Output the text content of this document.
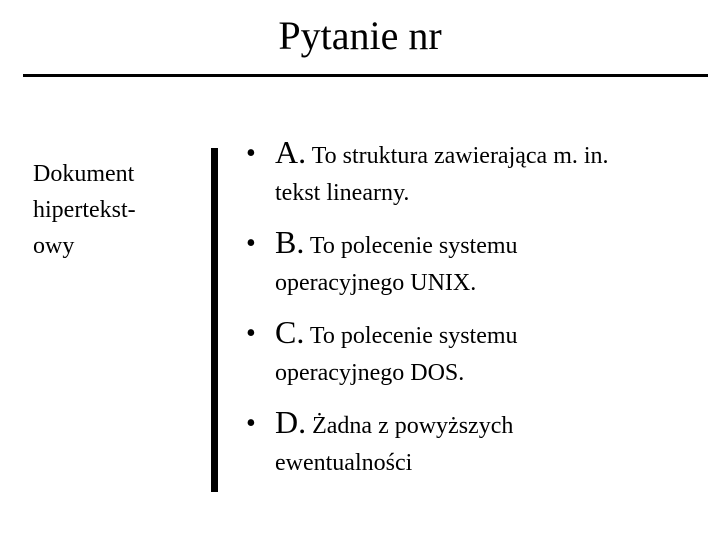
Pytanie nr
Dokument
hipertekst-
owy
• A. To struktura zawierająca m. in.
tekst linearny.
• B. To polecenie systemu
operacyjnego UNIX.
• C. To polecenie systemu
operacyjnego DOS.
• D. Żadna z powyższych
ewentualności
